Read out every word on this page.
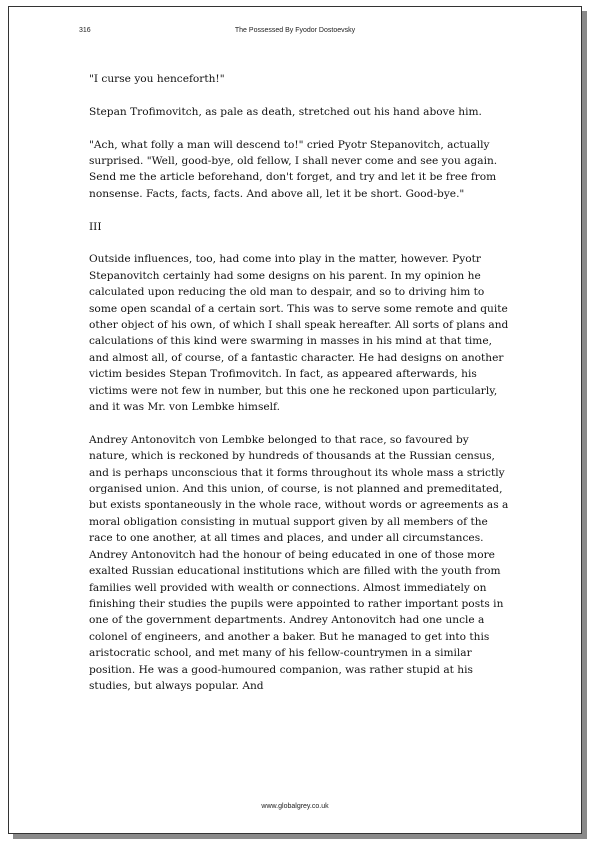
316	The Possessed By Fyodor Dostoevsky

"I curse you henceforth!"

Stepan Trofimovitch, as pale as death, stretched out his hand above him.

"Ach, what folly a man will descend to!" cried Pyotr Stepanovitch, actually surprised. "Well, good-bye, old fellow, I shall never come and see you again. Send me the article beforehand, don't forget, and try and let it be free from nonsense. Facts, facts, facts. And above all, let it be short. Good-bye."

III

Outside influences, too, had come into play in the matter, however. Pyotr Stepanovitch certainly had some designs on his parent. In my opinion he calculated upon reducing the old man to despair, and so to driving him to some open scandal of a certain sort. This was to serve some remote and quite other object of his own, of which I shall speak hereafter. All sorts of plans and calculations of this kind were swarming in masses in his mind at that time, and almost all, of course, of a fantastic character. He had designs on another victim besides Stepan Trofimovitch. In fact, as appeared afterwards, his victims were not few in number, but this one he reckoned upon particularly, and it was Mr. von Lembke himself.

Andrey Antonovitch von Lembke belonged to that race, so favoured by nature, which is reckoned by hundreds of thousands at the Russian census, and is perhaps unconscious that it forms throughout its whole mass a strictly organised union. And this union, of course, is not planned and premeditated, but exists spontaneously in the whole race, without words or agreements as a moral obligation consisting in mutual support given by all members of the race to one another, at all times and places, and under all circumstances. Andrey Antonovitch had the honour of being educated in one of those more exalted Russian educational institutions which are filled with the youth from families well provided with wealth or connections. Almost immediately on finishing their studies the pupils were appointed to rather important posts in one of the government departments. Andrey Antonovitch had one uncle a colonel of engineers, and another a baker. But he managed to get into this aristocratic school, and met many of his fellow-countrymen in a similar position. He was a good-humoured companion, was rather stupid at his studies, but always popular. And

www.globalgrey.co.uk
